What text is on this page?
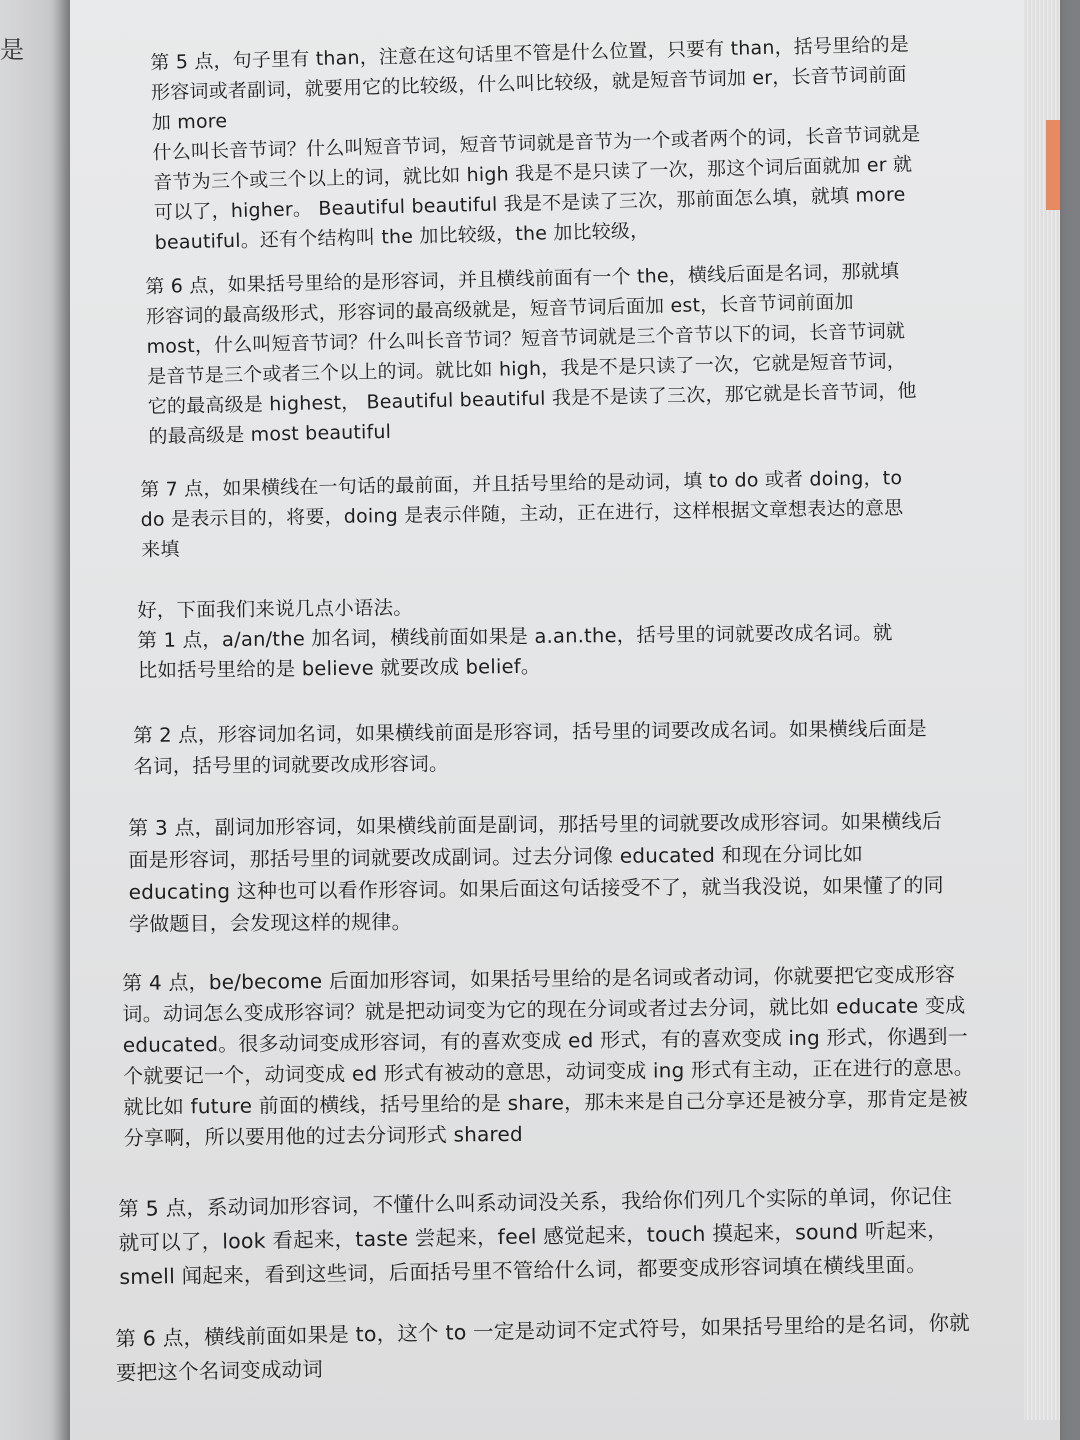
是	第 5 点，句子里有 than，注意在这句话里不管是什么位置，只要有 than，括号里给的是形容词或者副词，就要用它的比较级，什么叫比较级，就是短音节词加 er，长音节词前面加 more
什么叫长音节词？什么叫短音节词，短音节词就是音节为一个或者两个的词，长音节词就是音节为三个或三个以上的词，就比如 high 我是不是只读了一次，那这个词后面就加 er 就可以了，higher。 Beautiful beautiful 我是不是读了三次，那前面怎么填，就填 more beautiful。还有个结构叫 the 加比较级，the 加比较级，
第 6 点，如果括号里给的是形容词，并且横线前面有一个 the，横线后面是名词，那就填形容词的最高级形式，形容词的最高级就是，短音节词后面加 est，长音节词前面加 most，什么叫短音节词？什么叫长音节词？短音节词就是三个音节以下的词，长音节词就是音节是三个或者三个以上的词。就比如 high，我是不是只读了一次，它就是短音节词，它的最高级是 highest， Beautiful beautiful 我是不是读了三次，那它就是长音节词，他的最高级是 most beautiful
第 7 点，如果横线在一句话的最前面，并且括号里给的是动词，填 to do 或者 doing，to do 是表示目的，将要，doing 是表示伴随，主动，正在进行，这样根据文章想表达的意思来填
好，下面我们来说几点小语法。
第 1 点，a/an/the 加名词，横线前面如果是 a.an.the，括号里的词就要改成名词。就比如括号里给的是 believe 就要改成 belief。
第 2 点，形容词加名词，如果横线前面是形容词，括号里的词要改成名词。如果横线后面是名词，括号里的词就要改成形容词。
第 3 点，副词加形容词，如果横线前面是副词，那括号里的词就要改成形容词。如果横线后面是形容词，那括号里的词就要改成副词。过去分词像 educated 和现在分词比如 educating 这种也可以看作形容词。如果后面这句话接受不了，就当我没说，如果懂了的同学做题目，会发现这样的规律。
第 4 点，be/become 后面加形容词，如果括号里给的是名词或者动词，你就要把它变成形容词。动词怎么变成形容词？就是把动词变为它的现在分词或者过去分词，就比如 educate 变成 educated。很多动词变成形容词，有的喜欢变成 ed 形式，有的喜欢变成 ing 形式，你遇到一个就要记一个，动词变成 ed 形式有被动的意思，动词变成 ing 形式有主动，正在进行的意思。就比如 future 前面的横线，括号里给的是 share，那未来是自己分享还是被分享，那肯定是被分享啊，所以要用他的过去分词形式 shared
第 5 点，系动词加形容词，不懂什么叫系动词没关系，我给你们列几个实际的单词，你记住就可以了，look 看起来，taste 尝起来，feel 感觉起来，touch 摸起来，sound 听起来，smell 闻起来，看到这些词，后面括号里不管给什么词，都要变成形容词填在横线里面。
第 6 点，横线前面如果是 to，这个 to 一定是动词不定式符号，如果括号里给的是名词，你就要把这个名词变成动词
